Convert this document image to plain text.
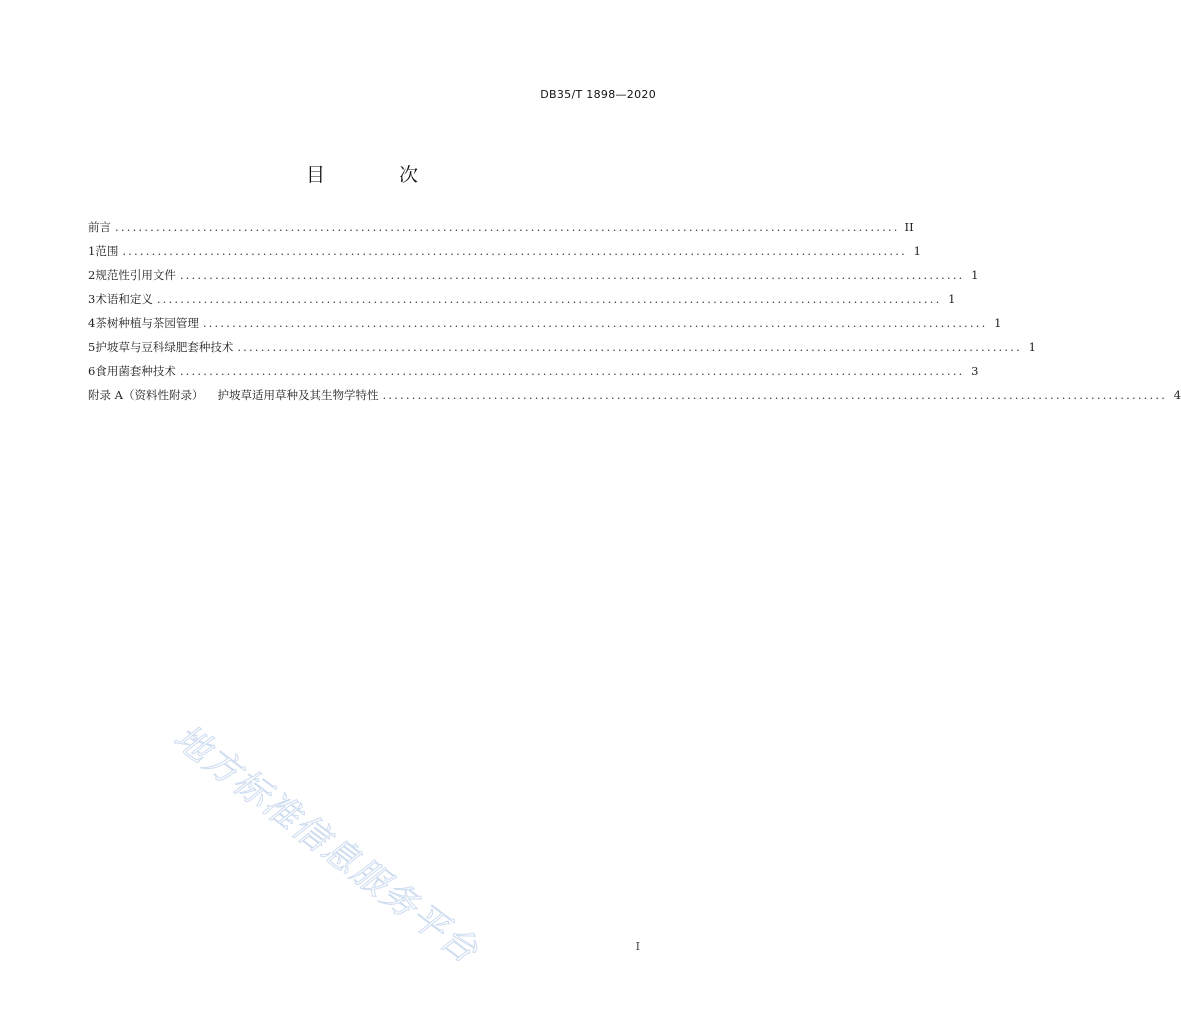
DB35/T 1898—2020
目 次
前言 ...................................................................................................................................... II
1 范围 ...................................................................................................................................... 1
2 规范性引用文件 ...................................................................................................................................... 1
3 术语和定义 ...................................................................................................................................... 1
4 茶树种植与茶园管理 ...................................................................................................................................... 1
5 护坡草与豆科绿肥套种技术 ...................................................................................................................................... 1
6 食用菌套种技术 ...................................................................................................................................... 3
附录 A（资料性附录） 护坡草适用草种及其生物学特性 ...................................................................................................................................... 4
地方标准信息服务平台	I
